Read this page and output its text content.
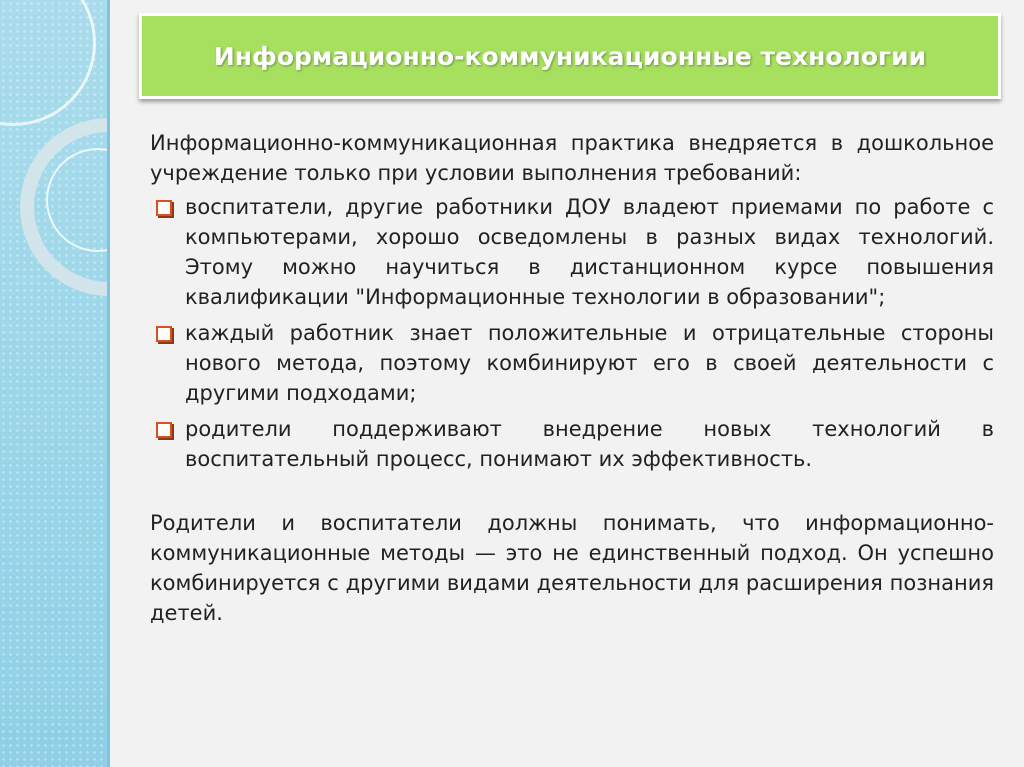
Информационно-коммуникационные технологии

Информационно-коммуникационная практика внедряется в дошкольное учреждение только при условии выполнения требований:

воспитатели, другие работники ДОУ владеют приемами по работе с компьютерами, хорошо осведомлены в разных видах технологий. Этому можно научиться в дистанционном курсе повышения квалификации "Информационные технологии в образовании";
каждый работник знает положительные и отрицательные стороны нового метода, поэтому комбинируют его в своей деятельности с другими подходами;
родители поддерживают внедрение новых технологий в воспитательный процесс, понимают их эффективность.

Родители и воспитатели должны понимать, что информационно-коммуникационные методы — это не единственный подход. Он успешно комбинируется с другими видами деятельности для расширения познания детей.
